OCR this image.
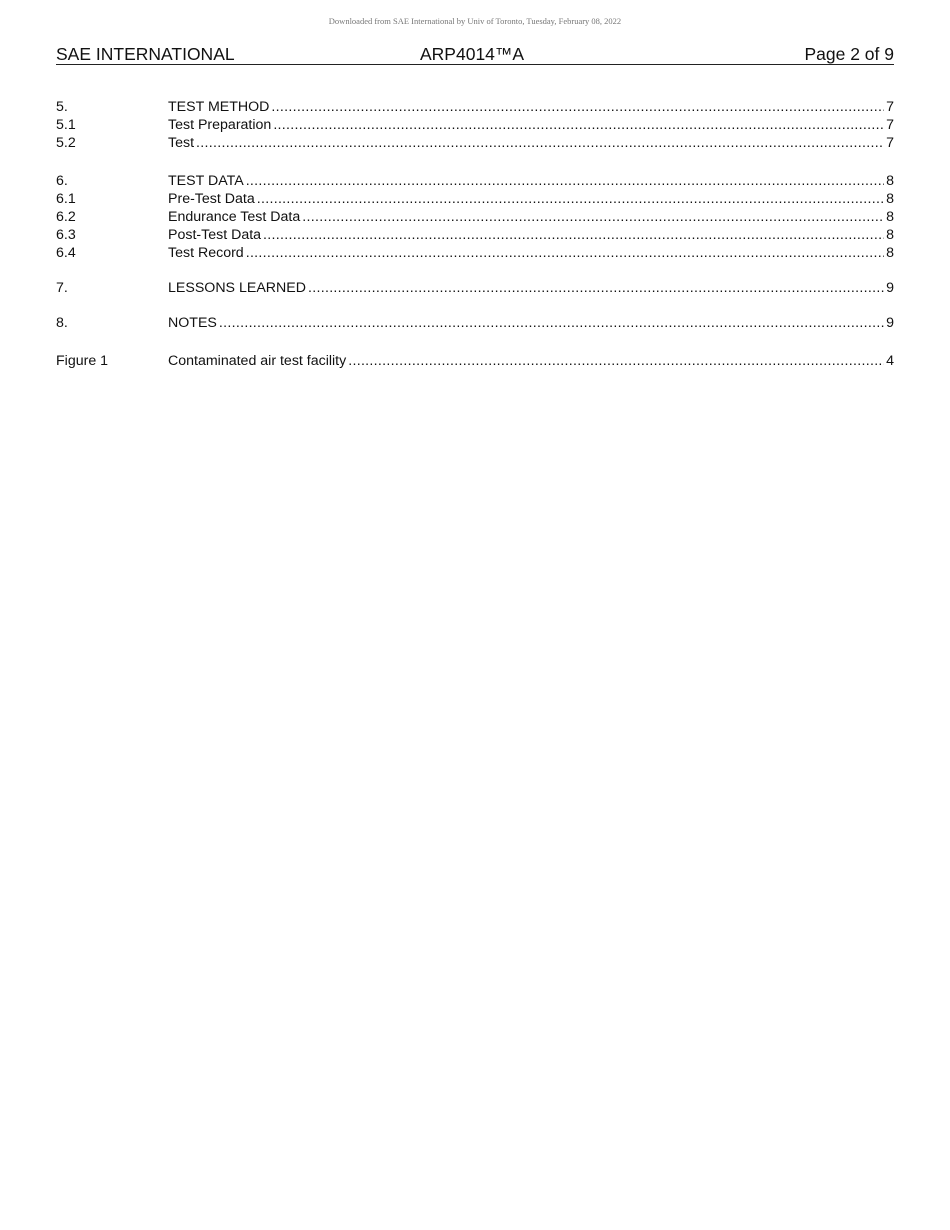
Downloaded from SAE International by Univ of Toronto, Tuesday, February 08, 2022
SAE INTERNATIONAL	ARP4014™A	Page 2 of 9
5.	TEST METHOD .....	7
5.1	Test Preparation .....	7
5.2	Test .....	7
6.	TEST DATA .....	8
6.1	Pre-Test Data .....	8
6.2	Endurance Test Data .....	8
6.3	Post-Test Data .....	8
6.4	Test Record .....	8
7.	LESSONS LEARNED .....	9
8.	NOTES .....	9
Figure 1	Contaminated air test facility .....	4
